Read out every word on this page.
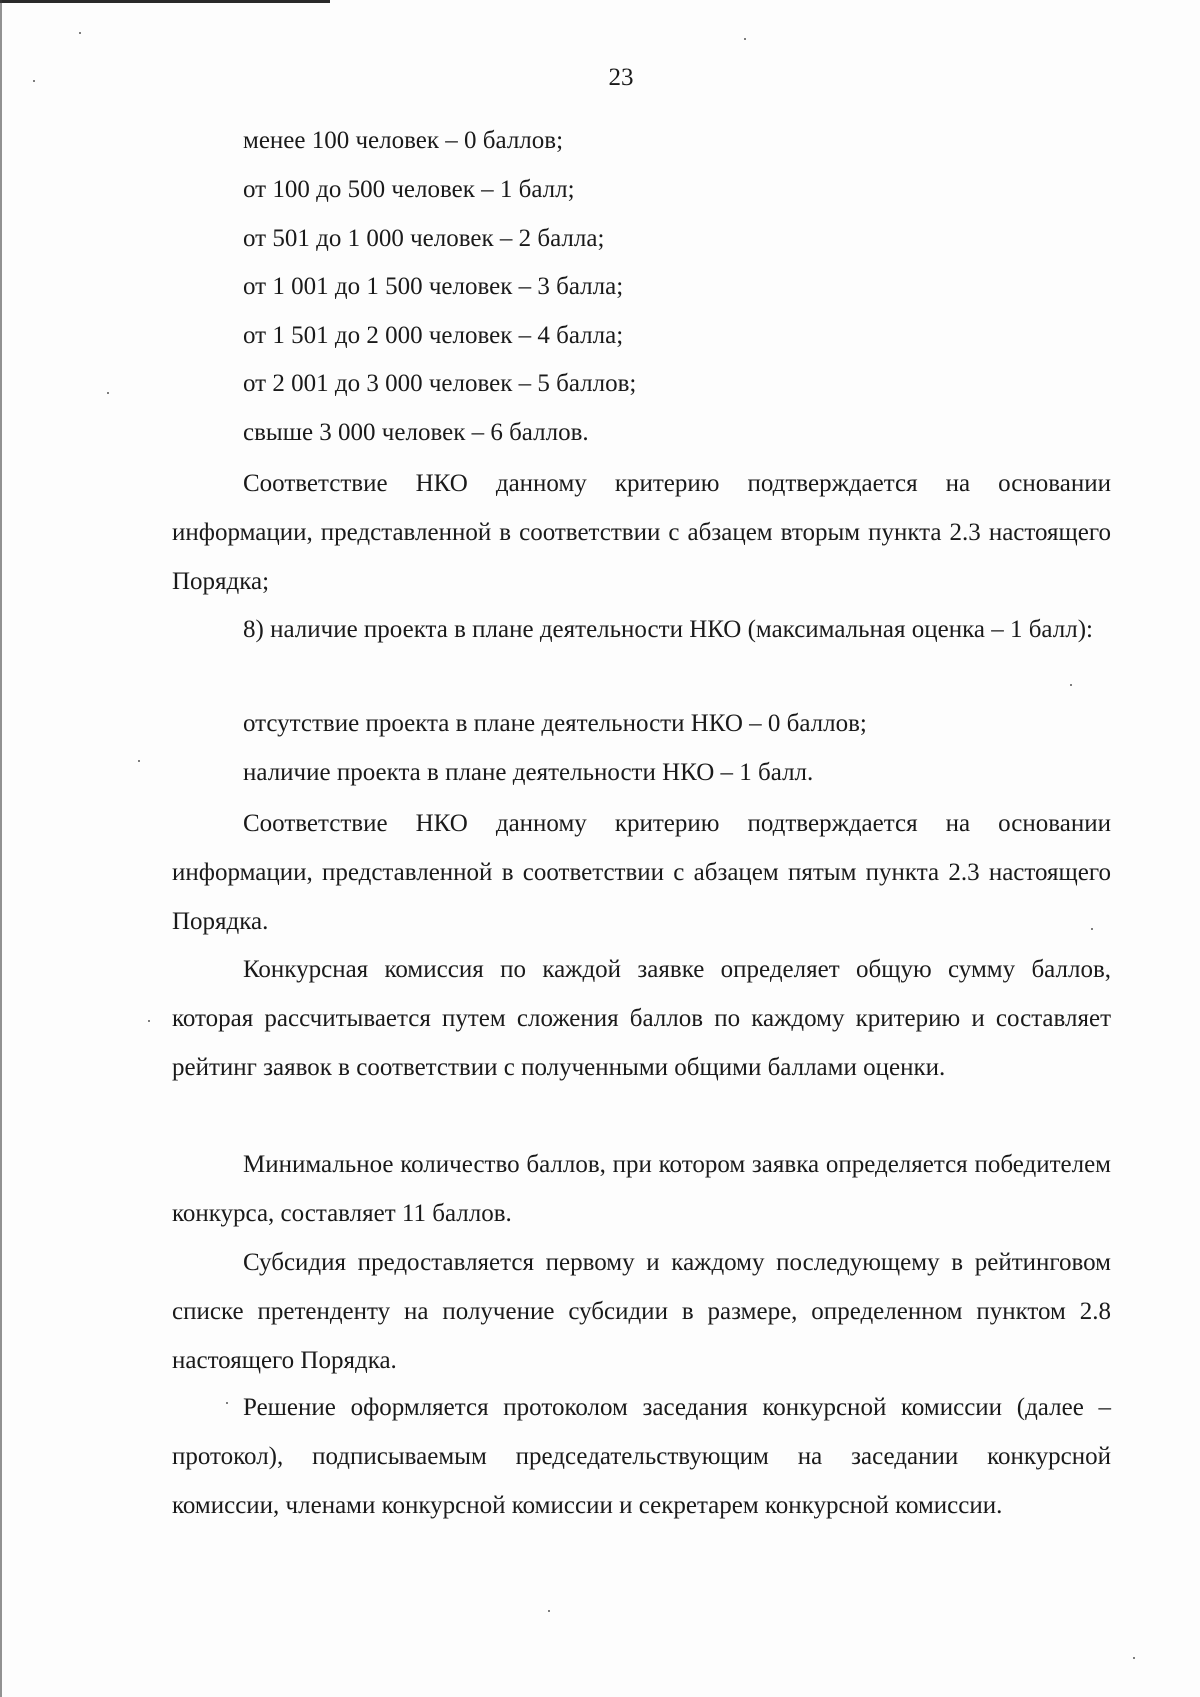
23
менее 100 человек – 0 баллов;
от 100 до 500 человек – 1 балл;
от 501 до 1 000 человек – 2 балла;
от 1 001 до 1 500 человек – 3 балла;
от 1 501 до 2 000 человек – 4 балла;
от 2 001 до 3 000 человек – 5 баллов;
свыше 3 000 человек – 6 баллов.
Соответствие НКО данному критерию подтверждается на основании информации, представленной в соответствии с абзацем вторым пункта 2.3 настоящего Порядка;
8) наличие проекта в плане деятельности НКО (максимальная оценка – 1 балл):
отсутствие проекта в плане деятельности НКО – 0 баллов;
наличие проекта в плане деятельности НКО – 1 балл.
Соответствие НКО данному критерию подтверждается на основании информации, представленной в соответствии с абзацем пятым пункта 2.3 настоящего Порядка.
Конкурсная комиссия по каждой заявке определяет общую сумму баллов, которая рассчитывается путем сложения баллов по каждому критерию и составляет рейтинг заявок в соответствии с полученными общими баллами оценки.
Минимальное количество баллов, при котором заявка определяется победителем конкурса, составляет 11 баллов.
Субсидия предоставляется первому и каждому последующему в рейтинговом списке претенденту на получение субсидии в размере, определенном пунктом 2.8 настоящего Порядка.
Решение оформляется протоколом заседания конкурсной комиссии (далее – протокол), подписываемым председательствующим на заседании конкурсной комиссии, членами конкурсной комиссии и секретарем конкурсной комиссии.
